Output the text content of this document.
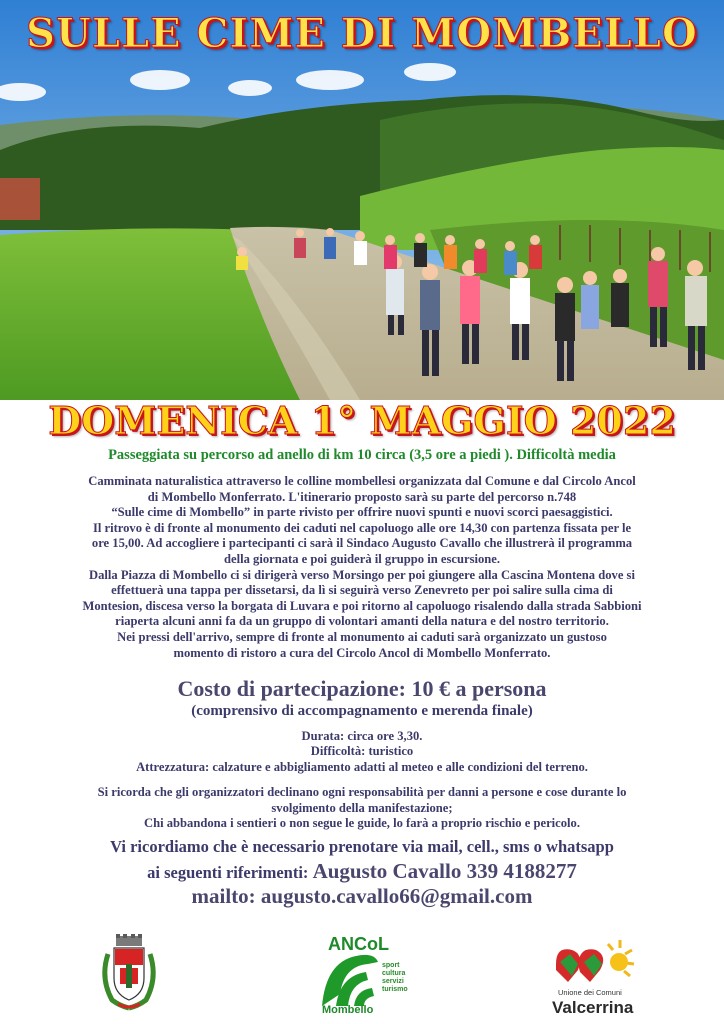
SULLE CIME DI MOMBELLO
DOMENICA 1° MAGGIO 2022
Passeggiata su percorso ad anello di km 10 circa (3,5 ore a piedi ). Difficoltà media
Camminata naturalistica attraverso le colline mombellesi organizzata dal Comune e dal Circolo Ancol
di Mombello Monferrato. L'itinerario proposto sarà su parte del percorso n.748
“Sulle cime di Mombello” in parte rivisto per offrire nuovi spunti e nuovi scorci paesaggistici.
Il ritrovo è di fronte al monumento dei caduti nel capoluogo alle ore 14,30 con partenza fissata per le
ore 15,00. Ad accogliere i partecipanti ci sarà il Sindaco Augusto Cavallo che illustrerà il programma
della giornata e poi guiderà il gruppo in escursione.
Dalla Piazza di Mombello ci si dirigerà verso Morsingo per poi giungere alla Cascina Montena dove si
effettuerà una tappa per dissetarsi, da lì si seguirà verso Zenevreto per poi salire sulla cima di
Montesion, discesa verso la borgata di Luvara e poi ritorno al capoluogo risalendo dalla strada Sabbioni
riaperta alcuni anni fa da un gruppo di volontari amanti della natura e del nostro territorio.
Nei pressi dell'arrivo, sempre di fronte al monumento ai caduti sarà organizzato un gustoso
momento di ristoro a cura del Circolo Ancol di Mombello Monferrato.
Costo di partecipazione: 10 € a persona
(comprensivo di accompagnamento e merenda finale)
Durata: circa ore 3,30.
Difficoltà: turistico
Attrezzatura: calzature e abbigliamento adatti al meteo e alle condizioni del terreno.
Si ricorda che gli organizzatori declinano ogni responsabilità per danni a persone e cose durante lo
svolgimento della manifestazione;
Chi abbandona i sentieri o non segue le guide, lo farà a proprio rischio e pericolo.
Vi ricordiamo che è necessario prenotare via mail, cell., sms o whatsapp
ai seguenti riferimenti: Augusto Cavallo 339 4188277
mailto: augusto.cavallo66@gmail.com
ANCoL
sport
cultura
servizi
turismo
Mombello
Unione dei Comuni
Valcerrina
